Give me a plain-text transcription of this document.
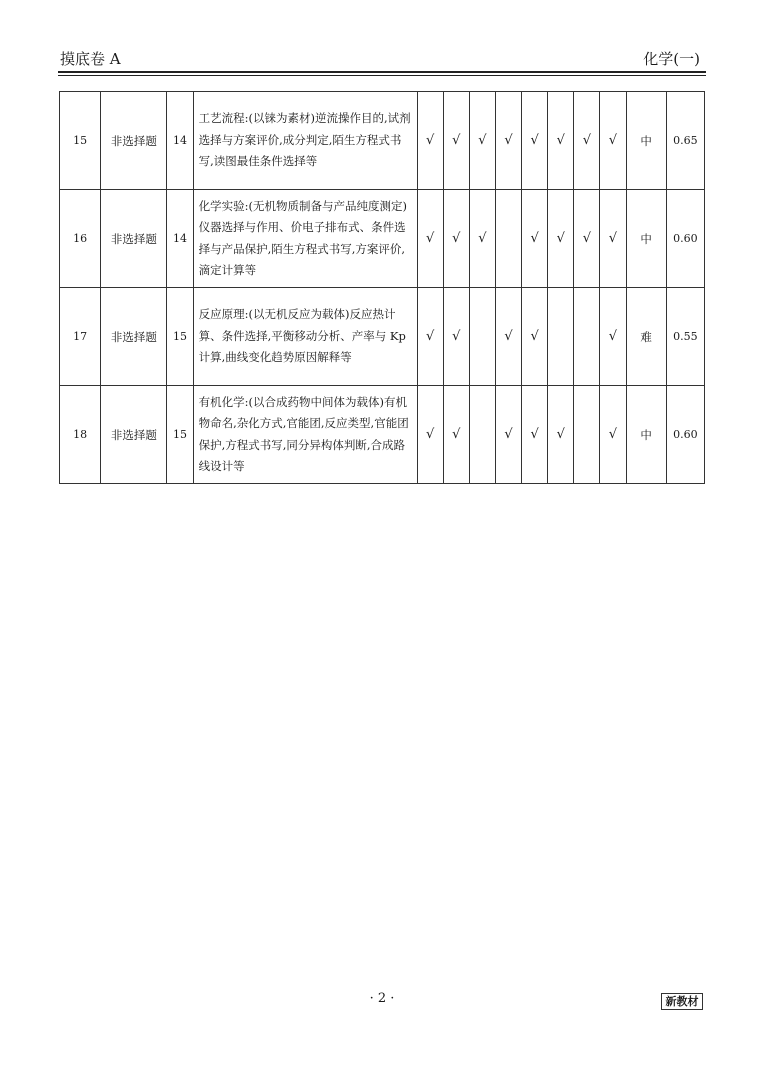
摸底卷 A	化学(一)
15	非选择题	14	工艺流程:(以铼为素材)逆流操作目的,试剂选择与方案评价,成分判定,陌生方程式书写,读图最佳条件选择等	√	√	√	√	√	√	√	√	中	0.65
16	非选择题	14	化学实验:(无机物质制备与产品纯度测定)仪器选择与作用、价电子排布式、条件选择与产品保护,陌生方程式书写,方案评价,滴定计算等	√	√	√		√	√	√	√	中	0.60
17	非选择题	15	反应原理:(以无机反应为载体)反应热计算、条件选择,平衡移动分析、产率与 Kp 计算,曲线变化趋势原因解释等	√	√		√	√			√	难	0.55
18	非选择题	15	有机化学:(以合成药物中间体为载体)有机物命名,杂化方式,官能团,反应类型,官能团保护,方程式书写,同分异构体判断,合成路线设计等	√	√		√	√	√		√	中	0.60
· 2 ·	新教材
